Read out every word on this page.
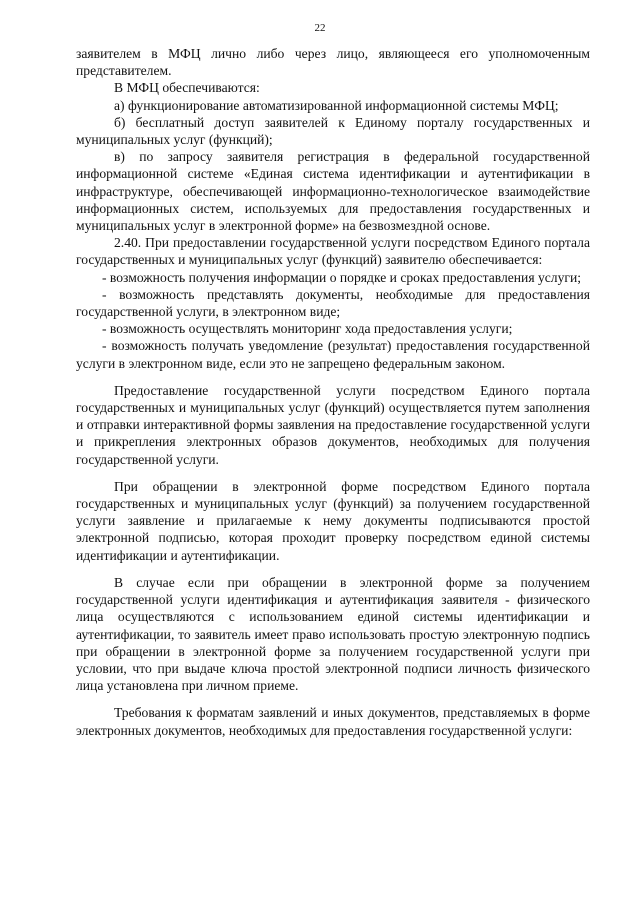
22

заявителем в МФЦ лично либо через лицо, являющееся его уполномоченным представителем.

В МФЦ обеспечиваются:

а) функционирование автоматизированной информационной системы МФЦ;

б) бесплатный доступ заявителей к Единому порталу государственных и муниципальных услуг (функций);

в) по запросу заявителя регистрация в федеральной государственной информационной системе «Единая система идентификации и аутентификации в инфраструктуре, обеспечивающей информационно-технологическое взаимодействие информационных систем, используемых для предоставления государственных и муниципальных услуг в электронной форме» на безвозмездной основе.

2.40. При предоставлении государственной услуги посредством Единого портала государственных и муниципальных услуг (функций) заявителю обеспечивается:

- возможность получения информации о порядке и сроках предоставления услуги;

- возможность представлять документы, необходимые для предоставления государственной услуги, в электронном виде;

- возможность осуществлять мониторинг хода предоставления услуги;

- возможность получать уведомление (результат) предоставления государственной услуги в электронном виде, если это не запрещено федеральным законом.

Предоставление государственной услуги посредством Единого портала государственных и муниципальных услуг (функций) осуществляется путем заполнения и отправки интерактивной формы заявления на предоставление государственной услуги и прикрепления электронных образов документов, необходимых для получения государственной услуги.

При обращении в электронной форме посредством Единого портала государственных и муниципальных услуг (функций) за получением государственной услуги заявление и прилагаемые к нему документы подписываются простой электронной подписью, которая проходит проверку посредством единой системы идентификации и аутентификации.

В случае если при обращении в электронной форме за получением государственной услуги идентификация и аутентификация заявителя - физического лица осуществляются с использованием единой системы идентификации и аутентификации, то заявитель имеет право использовать простую электронную подпись при обращении в электронной форме за получением государственной услуги при условии, что при выдаче ключа простой электронной подписи личность физического лица установлена при личном приеме.

Требования к форматам заявлений и иных документов, представляемых в форме электронных документов, необходимых для предоставления государственной услуги:
